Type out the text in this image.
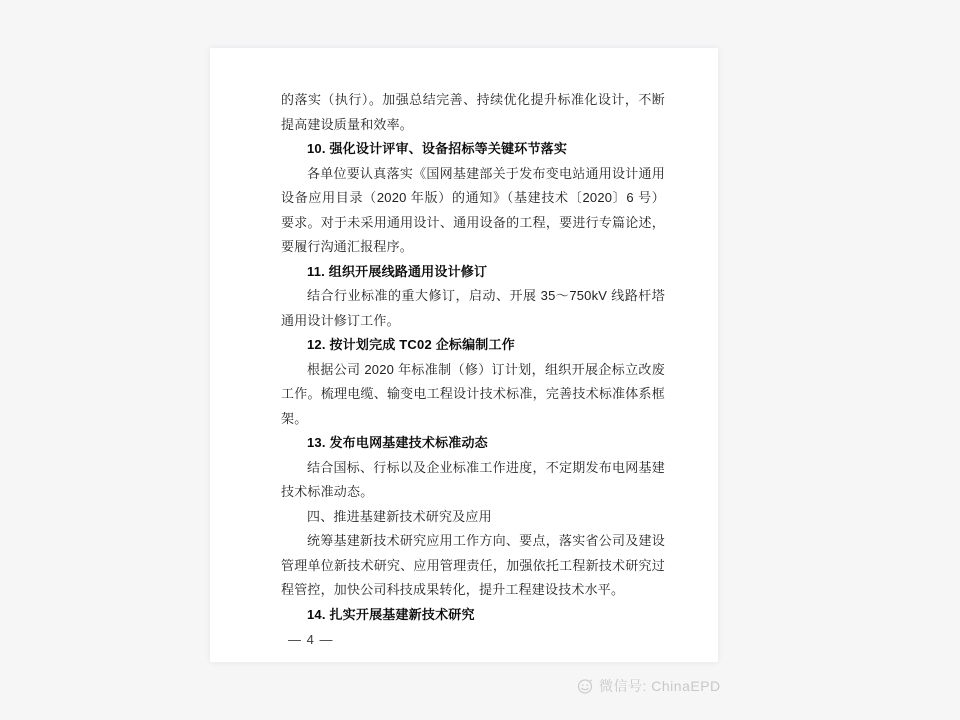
的落实（执行）。加强总结完善、持续优化提升标准化设计，不断提高建设质量和效率。

10. 强化设计评审、设备招标等关键环节落实

各单位要认真落实《国网基建部关于发布变电站通用设计通用设备应用目录（2020 年版）的通知》（基建技术〔2020〕6 号）要求。对于未采用通用设计、通用设备的工程，要进行专篇论述，要履行沟通汇报程序。

11. 组织开展线路通用设计修订

结合行业标准的重大修订，启动、开展 35～750kV 线路杆塔通用设计修订工作。

12. 按计划完成 TC02 企标编制工作

根据公司 2020 年标准制（修）订计划，组织开展企标立改废工作。梳理电缆、输变电工程设计技术标准，完善技术标准体系框架。

13. 发布电网基建技术标准动态

结合国标、行标以及企业标准工作进度，不定期发布电网基建技术标准动态。

四、推进基建新技术研究及应用

统筹基建新技术研究应用工作方向、要点，落实省公司及建设管理单位新技术研究、应用管理责任，加强依托工程新技术研究过程管控，加快公司科技成果转化，提升工程建设技术水平。

14. 扎实开展基建新技术研究

— 4 —
微信号: ChinaEPD
